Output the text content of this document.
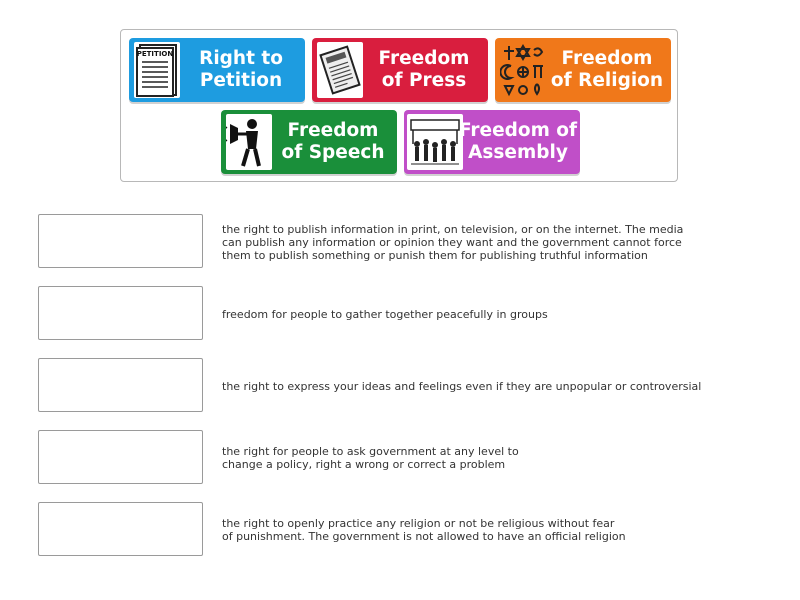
PETITION Right to
Petition
Freedom
of Press
Freedom
of Religion
Freedom
of Speech
Freedom of
Assembly
the right to publish information in print, on television, or on the internet. The media
can publish any information or opinion they want and the government cannot force
them to publish something or punish them for publishing truthful information
freedom for people to gather together peacefully in groups
the right to express your ideas and feelings even if they are unpopular or controversial
the right for people to ask government at any level to
change a policy, right a wrong or correct a problem
the right to openly practice any religion or not be religious without fear
of punishment. The government is not allowed to have an official religion
